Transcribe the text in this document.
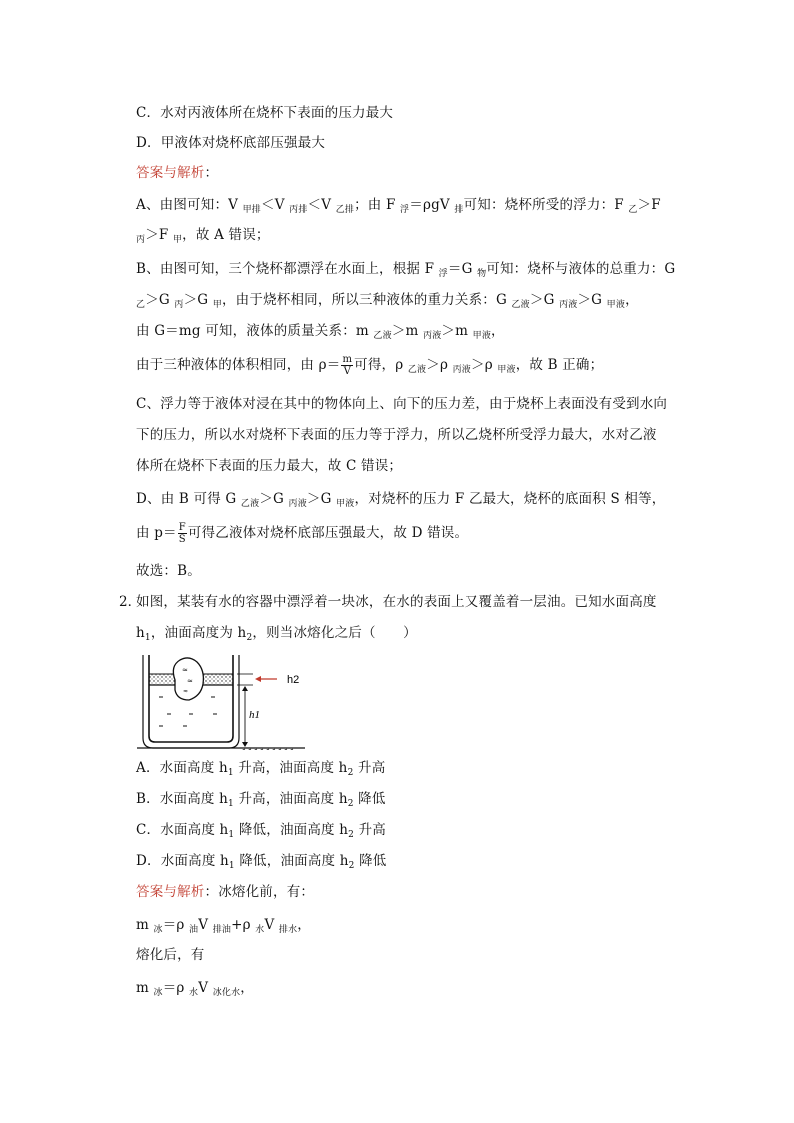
C．水对丙液体所在烧杯下表面的压力最大
D．甲液体对烧杯底部压强最大
答案与解析：
A、由图可知：V $_{甲排}$＜V $_{丙排}$＜V $_{乙排}$；由 F $_浮$＝ρgV $_排$可知：烧杯所受的浮力：F $_乙$＞F
$_丙$＞F $_甲$，故 A 错误；
B、由图可知，三个烧杯都漂浮在水面上，根据 F $_浮$＝G $_物$可知：烧杯与液体的总重力：G
$_乙$＞G $_丙$＞G $_甲$，由于烧杯相同，所以三种液体的重力关系：G $_{乙液}$＞G $_{丙液}$＞G $_{甲液}$，
由 G＝mg 可知，液体的质量关系：m $_{乙液}$＞m $_{丙液}$＞m $_{甲液}$，
由于三种液体的体积相同，由 $\rho= \frac{m}{V}$ 可得，ρ $_{乙液}$＞ρ $_{丙液}$＞ρ $_{甲液}$，故 B 正确；
C、浮力等于液体对浸在其中的物体向上、向下的压力差，由于烧杯上表面没有受到水向
下的压力，所以水对烧杯下表面的压力等于浮力，所以乙烧杯所受浮力最大，水对乙液
体所在烧杯下表面的压力最大，故 C 错误；
D、由 B 可得 G $_{乙液}$＞G $_{丙液}$＞G $_{甲液}$，对烧杯的压力 F 乙最大，烧杯的底面积 S 相等，
由 $p= \frac{F}{S}$ 可得乙液体对烧杯底部压强最大，故 D 错误。
故选：B。
2．
如图，某装有水的容器中漂浮着一块冰，在水的表面上又覆盖着一层油。已知水面高度
$h_1$，油面高度为 $h_2$，则当冰熔化之后（　　）
≈
≈
≈
h2
h1
A．水面高度 $h_1$ 升高，油面高度 $h_2$ 升高
B．水面高度 $h_1$ 升高，油面高度 $h_2$ 降低
C．水面高度 $h_1$ 降低，油面高度 $h_2$ 升高
D．水面高度 $h_1$ 降低，油面高度 $h_2$ 降低
答案与解析：冰熔化前，有：
m $_冰$＝ρ $_油$V $_{排油}$+ρ $_水$V $_{排水}$，
熔化后，有
m $_冰$＝ρ $_水$V $_{冰化水}$，
